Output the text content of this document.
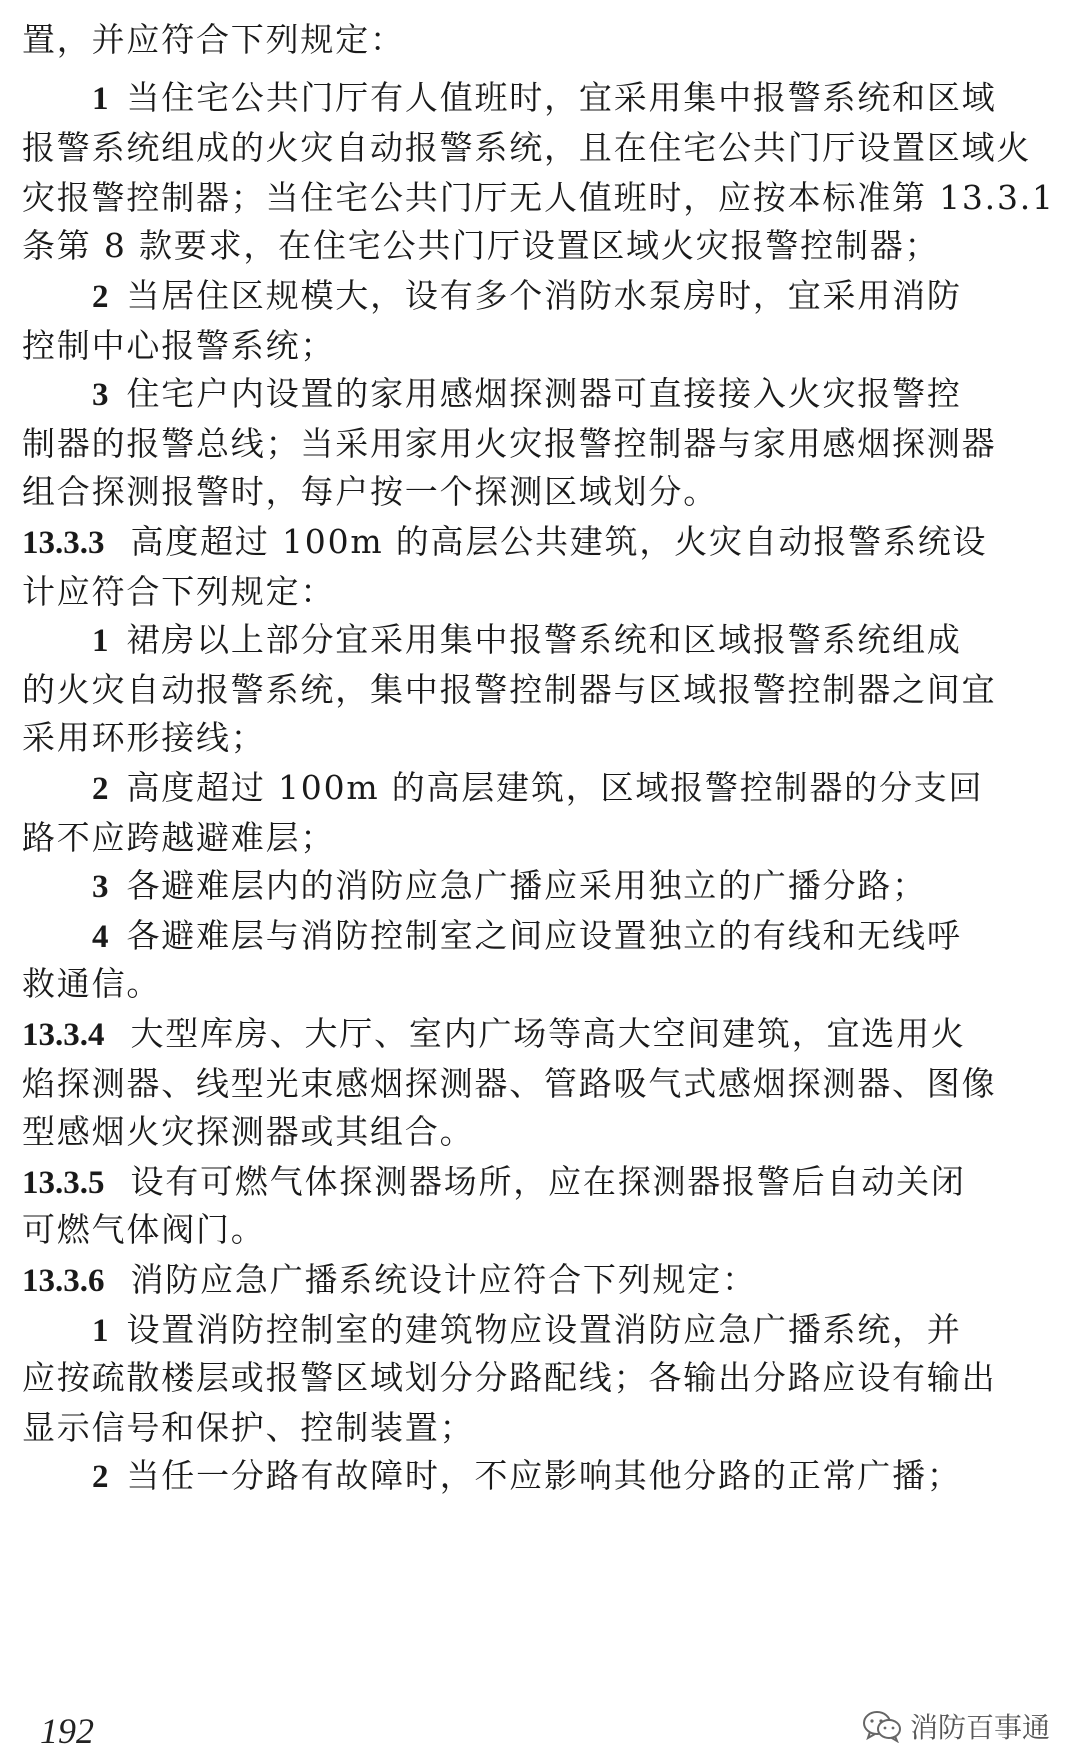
置，并应符合下列规定：
1 当住宅公共门厅有人值班时，宜采用集中报警系统和区域
报警系统组成的火灾自动报警系统，且在住宅公共门厅设置区域火
灾报警控制器；当住宅公共门厅无人值班时，应按本标准第 13.3.1
条第 8 款要求，在住宅公共门厅设置区域火灾报警控制器；
2 当居住区规模大，设有多个消防水泵房时，宜采用消防
控制中心报警系统；
3 住宅户内设置的家用感烟探测器可直接接入火灾报警控
制器的报警总线；当采用家用火灾报警控制器与家用感烟探测器
组合探测报警时，每户按一个探测区域划分。
13.3.3 高度超过 100m 的高层公共建筑，火灾自动报警系统设
计应符合下列规定：
1 裙房以上部分宜采用集中报警系统和区域报警系统组成
的火灾自动报警系统，集中报警控制器与区域报警控制器之间宜
采用环形接线；
2 高度超过 100m 的高层建筑，区域报警控制器的分支回
路不应跨越避难层；
3 各避难层内的消防应急广播应采用独立的广播分路；
4 各避难层与消防控制室之间应设置独立的有线和无线呼
救通信。
13.3.4 大型库房、大厅、室内广场等高大空间建筑，宜选用火
焰探测器、线型光束感烟探测器、管路吸气式感烟探测器、图像
型感烟火灾探测器或其组合。
13.3.5 设有可燃气体探测器场所，应在探测器报警后自动关闭
可燃气体阀门。
13.3.6 消防应急广播系统设计应符合下列规定：
1 设置消防控制室的建筑物应设置消防应急广播系统，并
应按疏散楼层或报警区域划分分路配线；各输出分路应设有输出
显示信号和保护、控制装置；
2 当任一分路有故障时，不应影响其他分路的正常广播；
192	消防百事通
